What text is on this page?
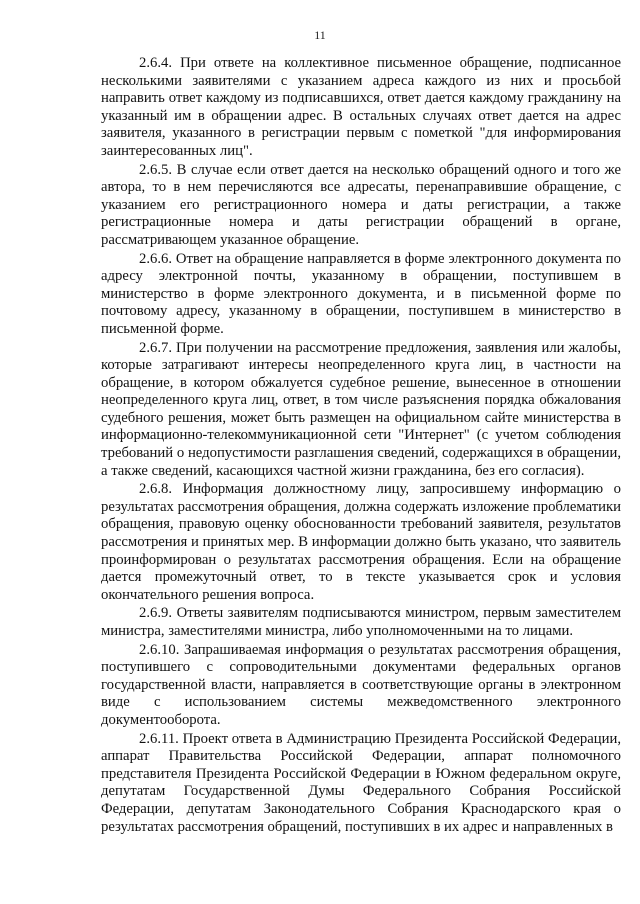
11

2.6.4. При ответе на коллективное письменное обращение, подписанное несколькими заявителями с указанием адреса каждого из них и просьбой направить ответ каждому из подписавшихся, ответ дается каждому гражданину на указанный им в обращении адрес. В остальных случаях ответ дается на адрес заявителя, указанного в регистрации первым с пометкой "для информирования заинтересованных лиц".

2.6.5. В случае если ответ дается на несколько обращений одного и того же автора, то в нем перечисляются все адресаты, перенаправившие обращение, с указанием его регистрационного номера и даты регистрации, а также регистрационные номера и даты регистрации обращений в органе, рассматривающем указанное обращение.

2.6.6. Ответ на обращение направляется в форме электронного документа по адресу электронной почты, указанному в обращении, поступившем в министерство в форме электронного документа, и в письменной форме по почтовому адресу, указанному в обращении, поступившем в министерство в письменной форме.

2.6.7. При получении на рассмотрение предложения, заявления или жалобы, которые затрагивают интересы неопределенного круга лиц, в частности на обращение, в котором обжалуется судебное решение, вынесенное в отношении неопределенного круга лиц, ответ, в том числе разъяснения порядка обжалования судебного решения, может быть размещен на официальном сайте министерства в информационно-телекоммуникационной сети "Интернет" (с учетом соблюдения требований о недопустимости разглашения сведений, содержащихся в обращении, а также сведений, касающихся частной жизни гражданина, без его согласия).

2.6.8. Информация должностному лицу, запросившему информацию о результатах рассмотрения обращения, должна содержать изложение проблематики обращения, правовую оценку обоснованности требований заявителя, результатов рассмотрения и принятых мер. В информации должно быть указано, что заявитель проинформирован о результатах рассмотрения обращения. Если на обращение дается промежуточный ответ, то в тексте указывается срок и условия окончательного решения вопроса.

2.6.9. Ответы заявителям подписываются министром, первым заместителем министра, заместителями министра, либо уполномоченными на то лицами.

2.6.10. Запрашиваемая информация о результатах рассмотрения обращения, поступившего с сопроводительными документами федеральных органов государственной власти, направляется в соответствующие органы в электронном виде с использованием системы межведомственного электронного документооборота.

2.6.11. Проект ответа в Администрацию Президента Российской Федерации, аппарат Правительства Российской Федерации, аппарат полномочного представителя Президента Российской Федерации в Южном федеральном округе, депутатам Государственной Думы Федерального Собрания Российской Федерации, депутатам Законодательного Собрания Краснодарского края о результатах рассмотрения обращений, поступивших в их адрес и направленных в
